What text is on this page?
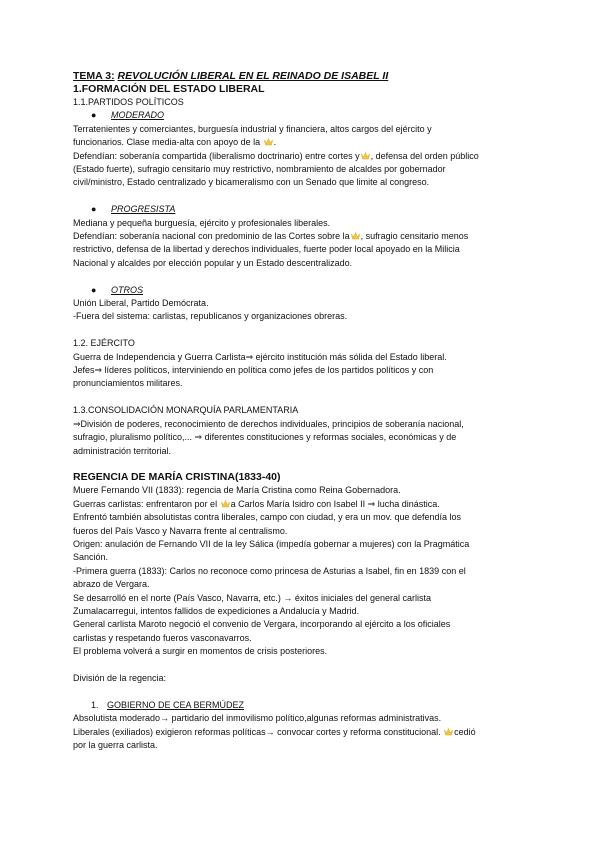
TEMA 3: REVOLUCIÓN LIBERAL EN EL REINADO DE ISABEL II
1.FORMACIÓN DEL ESTADO LIBERAL
1.1.PARTIDOS POLÍTICOS
● MODERADO
Terratenientes y comerciantes, burguesía industrial y financiera, altos cargos del ejército y
funcionarios. Clase media-alta con apoyo de la .
Defendían: soberanía compartida (liberalismo doctrinario) entre cortes y , defensa del orden público
(Estado fuerte), sufragio censitario muy restrictivo, nombramiento de alcaldes por gobernador
civil/ministro, Estado centralizado y bicameralismo con un Senado que limite al congreso.
● PROGRESISTA
Mediana y pequeña burguesía, ejército y profesionales liberales.
Defendían: soberanía nacional con predominio de las Cortes sobre la , sufragio censitario menos
restrictivo, defensa de la libertad y derechos individuales, fuerte poder local apoyado en la Milicia
Nacional y alcaldes por elección popular y un Estado descentralizado.
● OTROS
Unión Liberal, Partido Demócrata.
-Fuera del sistema: carlistas, republicanos y organizaciones obreras.
1.2. EJÉRCITO
Guerra de Independencia y Guerra Carlista⇒ ejército institución más sólida del Estado liberal.
Jefes⇒ líderes políticos, interviniendo en política como jefes de los partidos políticos y con
pronunciamientos militares.
1.3.CONSOLIDACIÓN MONARQUÍA PARLAMENTARIA
⇒División de poderes, reconocimiento de derechos individuales, principios de soberanía nacional,
sufragio, pluralismo político,... ⇒ diferentes constituciones y reformas sociales, económicas y de
administración territorial.
REGENCIA DE MARÍA CRISTINA(1833-40)
Muere Fernando VII (1833): regencia de María Cristina como Reina Gobernadora.
Guerras carlistas: enfrentaron por el a Carlos María Isidro con Isabel II ⇒ lucha dinástica.
Enfrentó también absolutistas contra liberales, campo con ciudad, y era un mov. que defendía los
fueros del País Vasco y Navarra frente al centralismo.
Origen: anulación de Fernando VII de la ley Sálica (impedía gobernar a mujeres) con la Pragmática
Sanción.
-Primera guerra (1833): Carlos no reconoce como princesa de Asturias a Isabel, fin en 1839 con el
abrazo de Vergara.
Se desarrolló en el norte (País Vasco, Navarra, etc.) → éxitos iniciales del general carlista
Zumalacarregui, intentos fallidos de expediciones a Andalucía y Madrid.
General carlista Maroto negoció el convenio de Vergara, incorporando al ejército a los oficiales
carlistas y respetando fueros vasconavarros.
El problema volverá a surgir en momentos de crisis posteriores.
División de la regencia:
1. GOBIERNO DE CEA BERMÚDEZ
Absolutista moderado→ partidario del inmovilismo político,algunas reformas administrativas.
Liberales (exiliados) exigieron reformas políticas→ convocar cortes y reforma constitucional. cedió
por la guerra carlista.
